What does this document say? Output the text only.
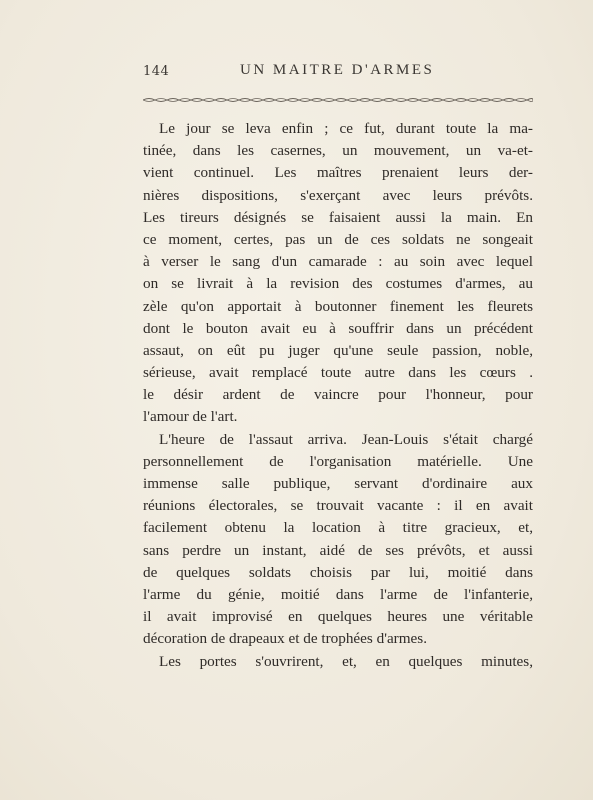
144	UN MAITRE D'ARMES
Le jour se leva enfin ; ce fut, durant toute la ma-
tinée, dans les casernes, un mouvement, un va-et-
vient continuel. Les maîtres prenaient leurs der-
nières dispositions, s'exerçant avec leurs prévôts.
Les tireurs désignés se faisaient aussi la main. En
ce moment, certes, pas un de ces soldats ne songeait
à verser le sang d'un camarade : au soin avec lequel
on se livrait à la revision des costumes d'armes, au
zèle qu'on apportait à boutonner finement les fleurets
dont le bouton avait eu à souffrir dans un précédent
assaut, on eût pu juger qu'une seule passion, noble,
sérieuse, avait remplacé toute autre dans les cœurs .
le désir ardent de vaincre pour l'honneur, pour
l'amour de l'art.
L'heure de l'assaut arriva. Jean-Louis s'était chargé
personnellement de l'organisation matérielle. Une
immense salle publique, servant d'ordinaire aux
réunions électorales, se trouvait vacante : il en avait
facilement obtenu la location à titre gracieux, et,
sans perdre un instant, aidé de ses prévôts, et aussi
de quelques soldats choisis par lui, moitié dans
l'arme du génie, moitié dans l'arme de l'infanterie,
il avait improvisé en quelques heures une véritable
décoration de drapeaux et de trophées d'armes.
Les portes s'ouvrirent, et, en quelques minutes,
